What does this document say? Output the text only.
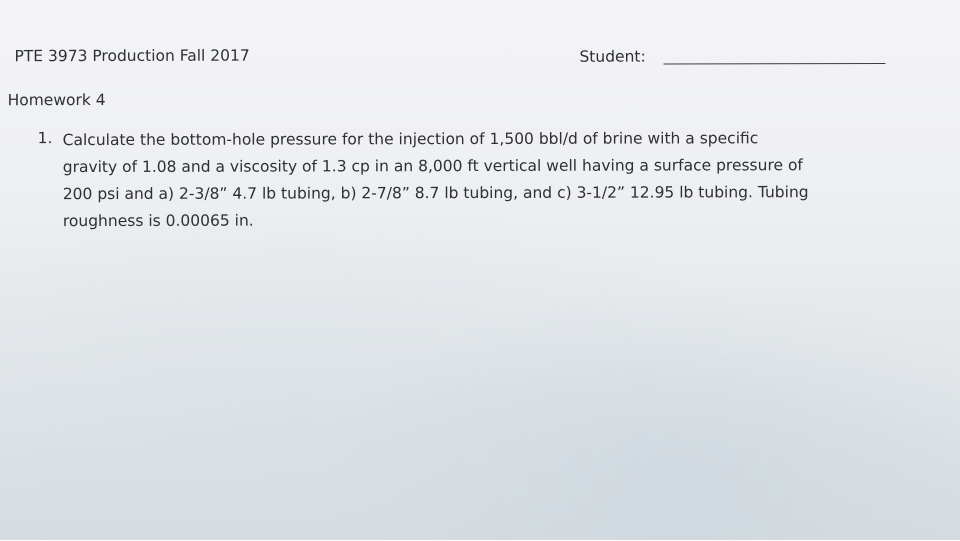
PTE 3973 Production Fall 2017	Student:
Homework 4
1. Calculate the bottom-hole pressure for the injection of 1,500 bbl/d of brine with a specific
gravity of 1.08 and a viscosity of 1.3 cp in an 8,000 ft vertical well having a surface pressure of
200 psi and a) 2-3/8” 4.7 lb tubing, b) 2-7/8” 8.7 lb tubing, and c) 3-1/2” 12.95 lb tubing. Tubing
roughness is 0.00065 in.
